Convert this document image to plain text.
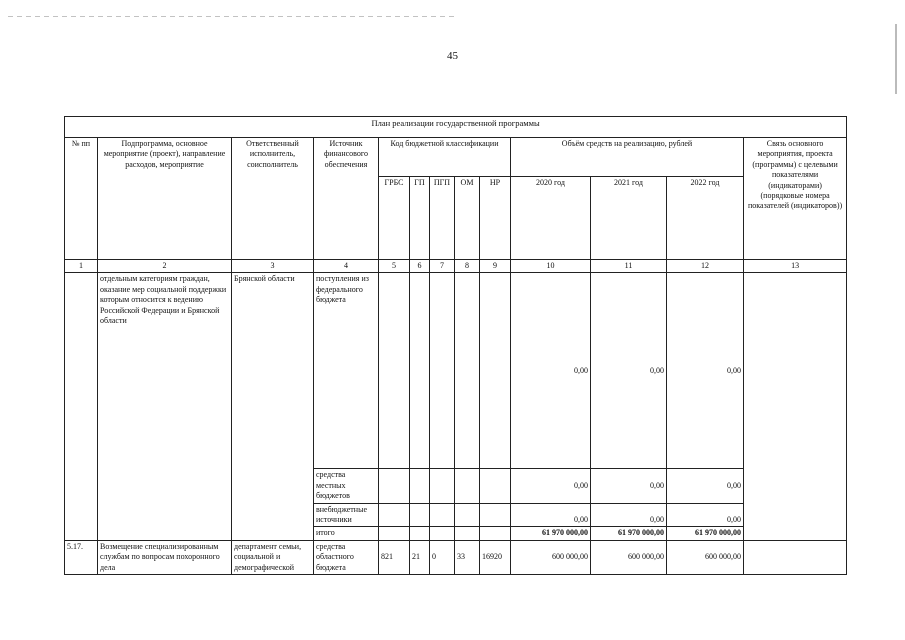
45
План реализации государственной программы												
№ пп	Подпрограмма, основное мероприятие (проект), направление расходов, мероприятие	Ответственный исполнитель, соисполнитель	Источник финансового обеспечения	Код бюджетной классификации					Объём средств на реализацию, рублей			Связь основного мероприятия, проекта (программы) с целевыми показателями (индикаторами) (порядковые номера показателей (индикаторов))
				ГРБС	ГП	ПГП	ОМ	НР	2020 год	2021 год	2022 год	
1	2	3	4	5	6	7	8	9	10	11	12	13
	отдельным категориям граждан, оказание мер социальной поддержки которым относится к ведению Российской Федерации и Брянской области	Брянской области	поступления из федерального бюджета						0,00	0,00	0,00	
			средства местных бюджетов						0,00	0,00	0,00	
			внебюджетные источники						0,00	0,00	0,00	
			итого						61 970 000,00	61 970 000,00	61 970 000,00	
5.17.	Возмещение специализированным службам по вопросам похоронного дела	департамент семьи, социальной и демографической	средства областного бюджета	821	21	0	33	16920	600 000,00	600 000,00	600 000,00	
